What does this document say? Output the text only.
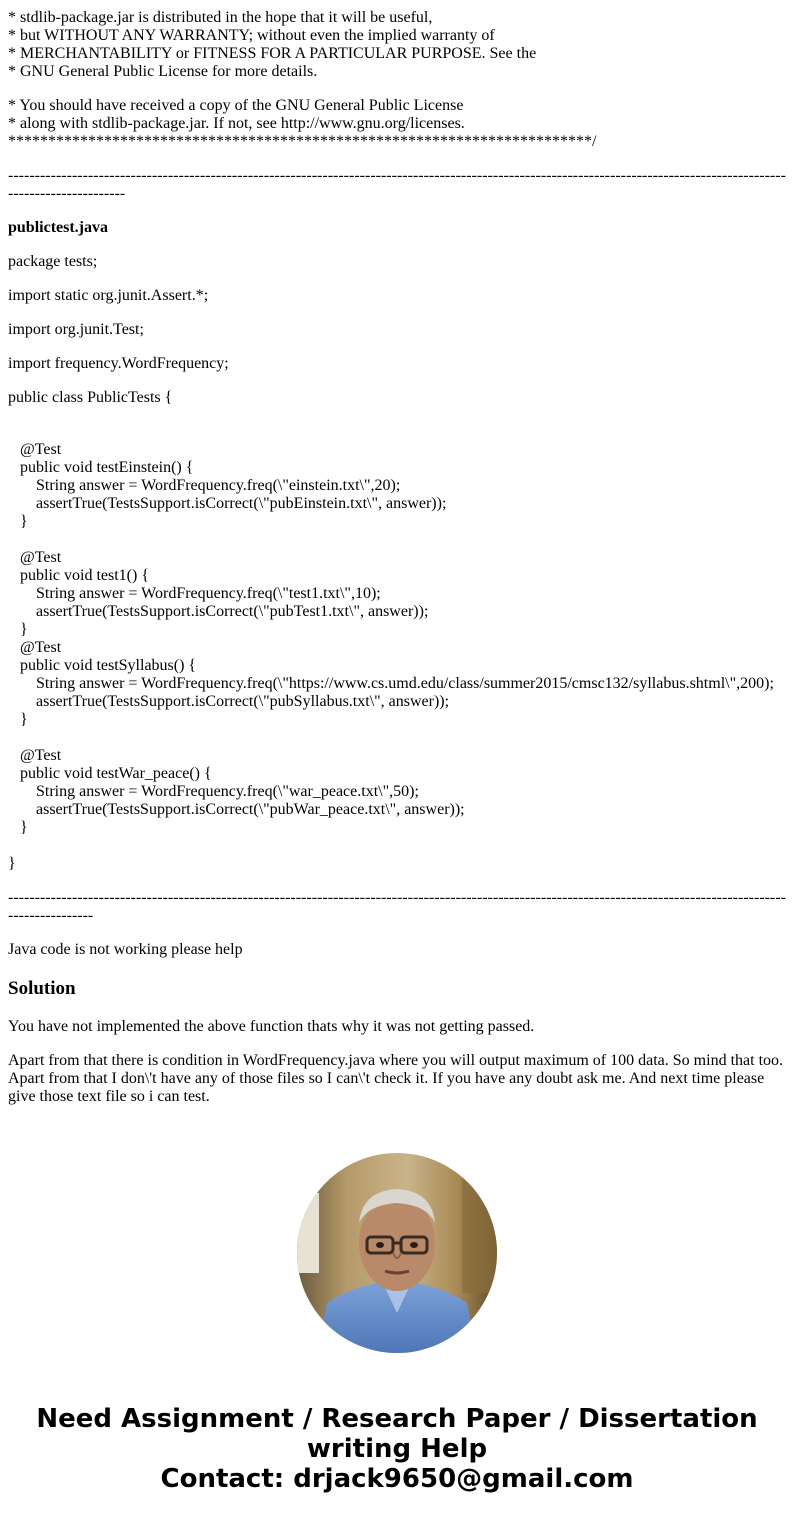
* stdlib-package.jar is distributed in the hope that it will be useful,
* but WITHOUT ANY WARRANTY; without even the implied warranty of
* MERCHANTABILITY or FITNESS FOR A PARTICULAR PURPOSE. See the
* GNU General Public License for more details.
* You should have received a copy of the GNU General Public License
* along with stdlib-package.jar. If not, see http://www.gnu.org/licenses.
*************************************************************************/
------------------------------------------------------------------------------------------------------------------------------------------------------------------------
publictest.java
package tests;
import static org.junit.Assert.*;
import org.junit.Test;
import frequency.WordFrequency;
public class PublicTests {
@Test
public void testEinstein() {
String answer = WordFrequency.freq(\"einstein.txt\",20);
assertTrue(TestsSupport.isCorrect(\"pubEinstein.txt\", answer));
}
@Test
public void test1() {
String answer = WordFrequency.freq(\"test1.txt\",10);
assertTrue(TestsSupport.isCorrect(\"pubTest1.txt\", answer));
}
@Test
public void testSyllabus() {
String answer = WordFrequency.freq(\"https://www.cs.umd.edu/class/summer2015/cmsc132/syllabus.shtml\",200);
assertTrue(TestsSupport.isCorrect(\"pubSyllabus.txt\", answer));
}
@Test
public void testWar_peace() {
String answer = WordFrequency.freq(\"war_peace.txt\",50);
assertTrue(TestsSupport.isCorrect(\"pubWar_peace.txt\", answer));
}
}
------------------------------------------------------------------------------------------------------------------------------------------------------------------
Java code is not working please help
Solution
You have not implemented the above function thats why it was not getting passed.
Apart from that there is condition in WordFrequency.java where you will output maximum of 100 data. So mind that too. Apart from that I don\'t have any of those files so I can\'t check it. If you have any doubt ask me. And next time please give those text file so i can test.
Need Assignment / Research Paper / Dissertation
writing Help
Contact: drjack9650@gmail.com
